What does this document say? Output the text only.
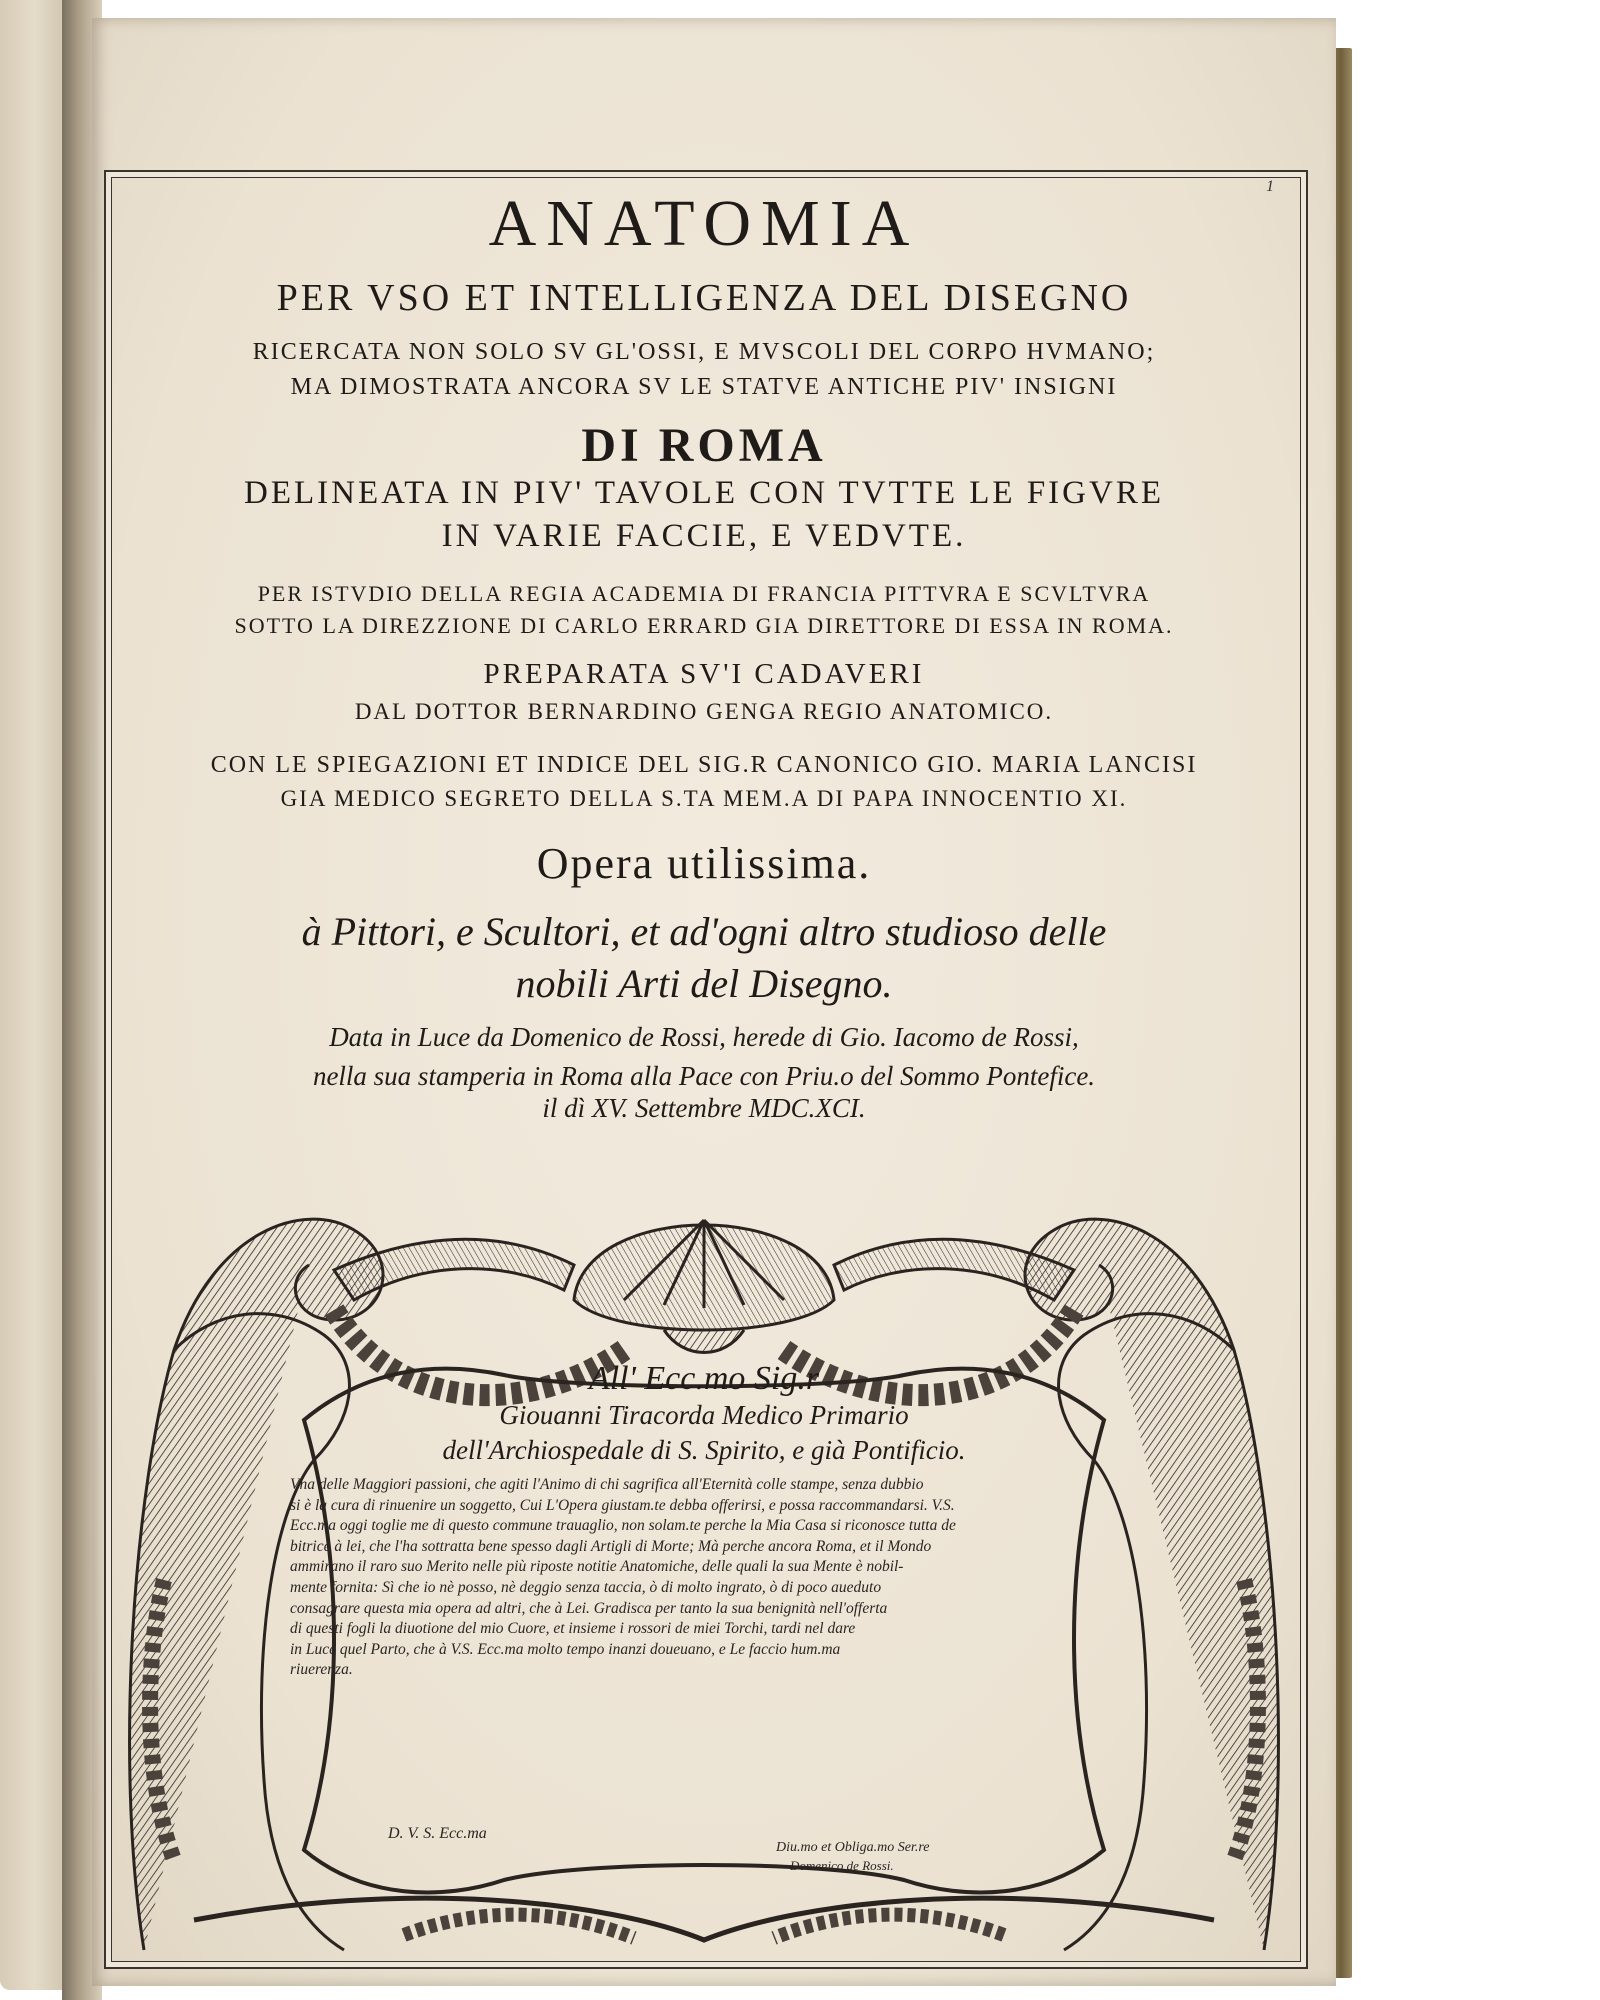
1
ANATOMIA
PER VSO ET INTELLIGENZA DEL DISEGNO
RICERCATA NON SOLO SV GL'OSSI, E MVSCOLI DEL CORPO HVMANO;
MA DIMOSTRATA ANCORA SV LE STATVE ANTICHE PIV' INSIGNI
DI ROMA
DELINEATA IN PIV' TAVOLE CON TVTTE LE FIGVRE
IN VARIE FACCIE, E VEDVTE.
PER ISTVDIO DELLA REGIA ACADEMIA DI FRANCIA PITTVRA E SCVLTVRA
SOTTO LA DIREZZIONE DI CARLO ERRARD GIA DIRETTORE DI ESSA IN ROMA.
PREPARATA SV'I CADAVERI
DAL DOTTOR BERNARDINO GENGA REGIO ANATOMICO.
CON LE SPIEGAZIONI ET INDICE DEL SIG.R CANONICO GIO. MARIA LANCISI
GIA MEDICO SEGRETO DELLA S.TA MEM.A DI PAPA INNOCENTIO XI.
Opera utilissima.
à Pittori, e Scultori, et ad'ogni altro studioso delle
nobili Arti del Disegno.
Data in Luce da Domenico de Rossi, herede di Gio. Iacomo de Rossi,
nella sua stamperia in Roma alla Pace con Priu.o del Sommo Pontefice.
il dì XV. Settembre MDC.XCI.
All' Ecc.mo Sig.r
Giouanni Tiracorda Medico Primario
dell'Archiospedale di S. Spirito, e già Pontificio.
Vna delle Maggiori passioni, che agiti l'Animo di chi sagrifica all'Eternità colle stampe, senza dubbio
si è la cura di rinuenire un soggetto, Cui L'Opera giustam.te debba offerirsi, e possa raccommandarsi. V.S.
Ecc.ma oggi toglie me di questo commune trauaglio, non solam.te perche la Mia Casa si riconosce tutta de
bitrice à lei, che l'ha sottratta bene spesso dagli Artigli di Morte; Mà perche ancora Roma, et il Mondo
ammirano il raro suo Merito nelle più riposte notitie Anatomiche, delle quali la sua Mente è nobil-
mente fornita: Sì che io nè posso, nè deggio senza taccia, ò di molto ingrato, ò di poco aueduto
consagrare questa mia opera ad altri, che à Lei. Gradisca per tanto la sua benignità nell'offerta
di questi fogli la diuotione del mio Cuore, et insieme i rossori de miei Torchi, tardi nel dare
in Luce quel Parto, che à V.S. Ecc.ma molto tempo inanzi doueuano, e Le faccio hum.ma
riuerenza.
D. V. S. Ecc.ma
Diu.mo et Obliga.mo Ser.re
Domenico de Rossi.
